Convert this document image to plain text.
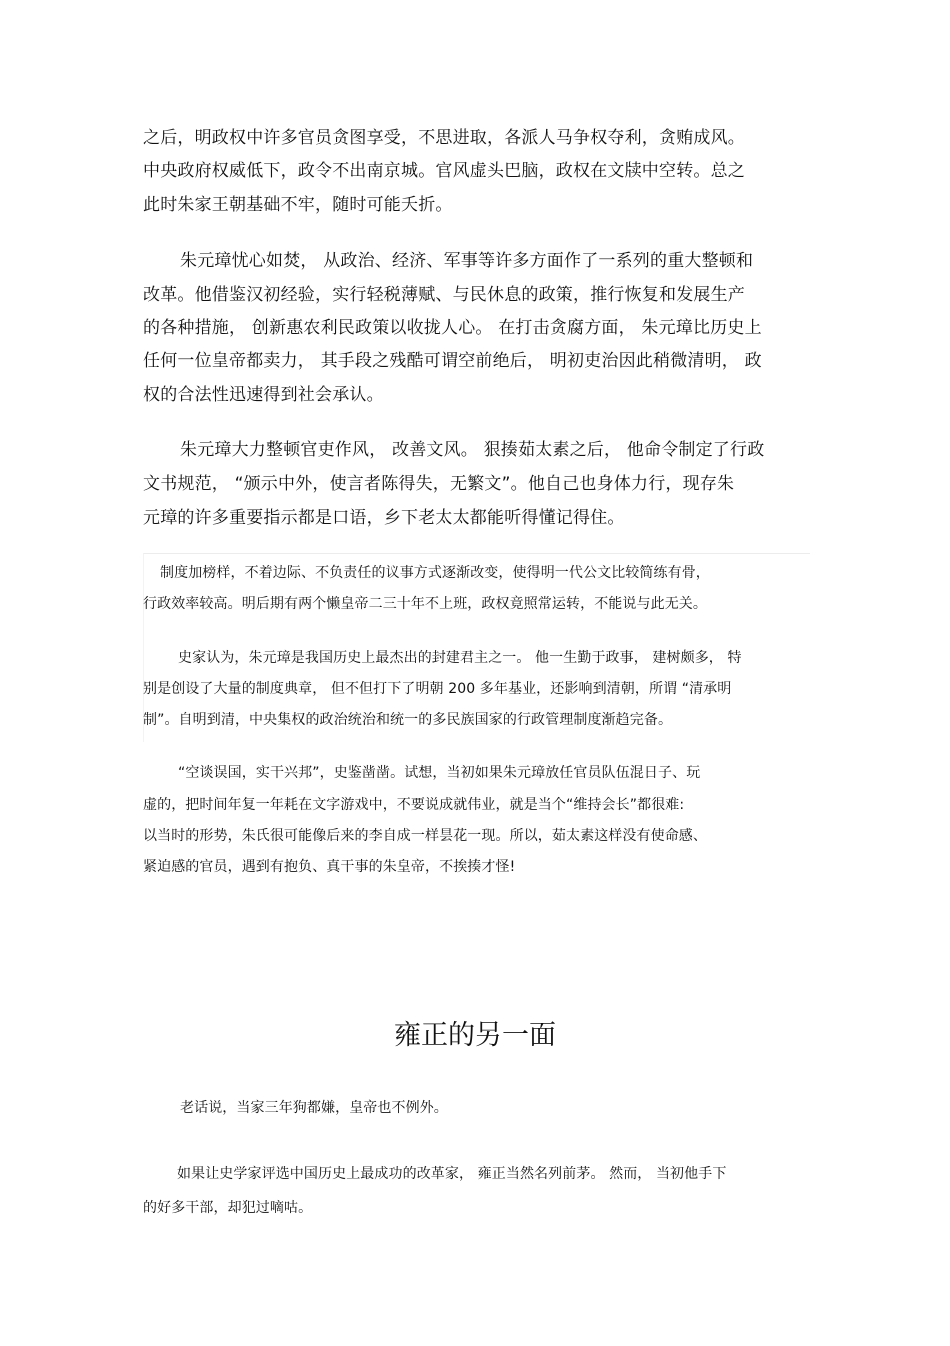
之后，明政权中许多官员贪图享受，不思进取，各派人马争权夺利，贪贿成风。
中央政府权威低下，政令不出南京城。官风虚头巴脑，政权在文牍中空转。总之
此时朱家王朝基础不牢，随时可能夭折。
朱元璋忧心如焚， 从政治、经济、军事等许多方面作了一系列的重大整顿和
改革。他借鉴汉初经验，实行轻税薄赋、与民休息的政策，推行恢复和发展生产
的各种措施， 创新惠农利民政策以收拢人心。 在打击贪腐方面， 朱元璋比历史上
任何一位皇帝都卖力， 其手段之残酷可谓空前绝后， 明初吏治因此稍微清明， 政
权的合法性迅速得到社会承认。
朱元璋大力整顿官吏作风， 改善文风。 狠揍茹太素之后， 他命令制定了行政
文书规范， “颁示中外，使言者陈得失，无繁文”。他自己也身体力行，现存朱
元璋的许多重要指示都是口语，乡下老太太都能听得懂记得住。
制度加榜样，不着边际、不负责任的议事方式逐渐改变，使得明一代公文比较简练有骨，
行政效率较高。明后期有两个懒皇帝二三十年不上班，政权竟照常运转，不能说与此无关。
史家认为，朱元璋是我国历史上最杰出的封建君主之一。 他一生勤于政事， 建树颇多， 特
别是创设了大量的制度典章， 但不但打下了明朝 200 多年基业，还影响到清朝，所谓 “清承明
制”。自明到清，中央集权的政治统治和统一的多民族国家的行政管理制度渐趋完备。
“空谈误国，实干兴邦”，史鉴凿凿。试想，当初如果朱元璋放任官员队伍混日子、玩
虚的，把时间年复一年耗在文字游戏中，不要说成就伟业，就是当个“维持会长”都很难:
以当时的形势，朱氏很可能像后来的李自成一样昙花一现。所以，茹太素这样没有使命感、
紧迫感的官员，遇到有抱负、真干事的朱皇帝，不挨揍才怪!
雍正的另一面
老话说，当家三年狗都嫌，皇帝也不例外。
如果让史学家评选中国历史上最成功的改革家， 雍正当然名列前茅。 然而， 当初他手下
的好多干部，却犯过嘀咕。
